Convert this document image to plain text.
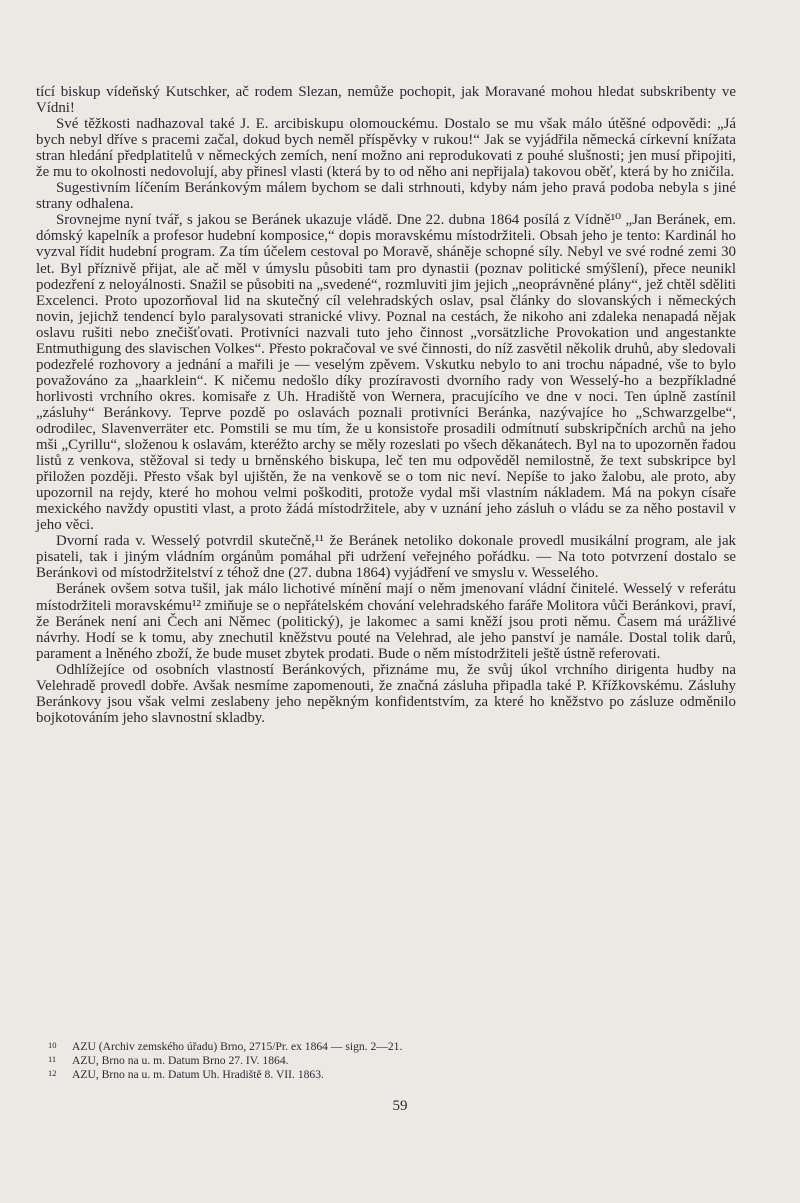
tící biskup vídeňský Kutschker, ač rodem Slezan, nemůže pochopit, jak Moravané mohou hledat subskribenty ve Vídni!

Své těžkosti nadhazoval také J. E. arcibiskupu olomouckému. Dostalo se mu však málo útěšné odpovědi: „Já bych nebyl dříve s pracemi začal, dokud bych neměl příspěvky v rukou!“ Jak se vyjádřila německá církevní knížata stran hledání předplatitelů v německých zemích, není možno ani reprodukovati z pouhé slušnosti; jen musí připojiti, že mu to okolnosti nedovolují, aby přinesl vlasti (která by to od něho ani nepřijala) takovou oběť, která by ho zničila.

Sugestivním líčením Beránkovým málem bychom se dali strhnouti, kdyby nám jeho pravá podoba nebyla s jiné strany odhalena.

Srovnejme nyní tvář, s jakou se Beránek ukazuje vládě. Dne 22. dubna 1864 posílá z Vídně¹⁰ „Jan Beránek, em. dómský kapelník a profesor hudební komposice,“ dopis moravskému místodržiteli. Obsah jeho je tento: Kardinál ho vyzval řídit hudební program. Za tím účelem cestoval po Moravě, sháněje schopné síly. Nebyl ve své rodné zemi 30 let. Byl příznivě přijat, ale ač měl v úmyslu působiti tam pro dynastii (poznav politické smýšlení), přece neunikl podezření z neloyálnosti. Snažil se působiti na „svedené“, rozmluviti jim jejich „neoprávněné plány“, jež chtěl sděliti Excelenci. Proto upozorňoval lid na skutečný cíl velehradských oslav, psal články do slovanských i německých novin, jejichž tendencí bylo paralysovati stranické vlivy. Poznal na cestách, že nikoho ani zdaleka nenapadá nějak oslavu rušiti nebo znečišťovati. Protivníci nazvali tuto jeho činnost „vorsätzliche Provokation und angestankte Entmuthigung des slavischen Volkes“. Přesto pokračoval ve své činnosti, do níž zasvětil několik druhů, aby sledovali podezřelé rozhovory a jednání a mařili je — veselým zpěvem. Vskutku nebylo to ani trochu nápadné, vše to bylo považováno za „haarklein“. K ničemu nedošlo díky prozíravosti dvorního rady von Wesselý-ho a bezpříkladné horlivosti vrchního okres. komisaře z Uh. Hradiště von Wernera, pracujícího ve dne v noci. Ten úplně zastínil „zásluhy“ Beránkovy. Teprve pozdě po oslavách poznali protivníci Beránka, nazývajíce ho „Schwarzgelbe“, odrodilec, Slavenverräter etc. Pomstili se mu tím, že u konsistoře prosadili odmítnutí subskripčních archů na jeho mši „Cyrillu“, složenou k oslavám, kteréžto archy se měly rozeslati po všech děkanátech. Byl na to upozorněn řadou listů z venkova, stěžoval si tedy u brněnského biskupa, leč ten mu odpověděl nemilostně, že text subskripce byl přiložen později. Přesto však byl ujištěn, že na venkově se o tom nic neví. Nepíše to jako žalobu, ale proto, aby upozornil na rejdy, které ho mohou velmi poškoditi, protože vydal mši vlastním nákladem. Má na pokyn císaře mexického navždy opustiti vlast, a proto žádá místodržitele, aby v uznání jeho zásluh o vládu se za něho postavil v jeho věci.

Dvorní rada v. Wesselý potvrdil skutečně,¹¹ že Beránek netoliko dokonale provedl musikální program, ale jak pisateli, tak i jiným vládním orgánům pomáhal při udržení veřejného pořádku. — Na toto potvrzení dostalo se Beránkovi od místodržitelství z téhož dne (27. dubna 1864) vyjádření ve smyslu v. Wesselého.

Beránek ovšem sotva tušil, jak málo lichotivé mínění mají o něm jmenovaní vládní činitelé. Wesselý v referátu místodržiteli moravskému¹² zmiňuje se o nepřátelském chování velehradského faráře Molitora vůči Beránkovi, praví, že Beránek není ani Čech ani Němec (politický), je lakomec a sami kněží jsou proti němu. Časem má urážlivé návrhy. Hodí se k tomu, aby znechutil kněžstvu pouté na Velehrad, ale jeho panství je namále. Dostal tolik darů, parament a lněného zboží, že bude muset zbytek prodati. Bude o něm místodržiteli ještě ústně referovati.

Odhlížejíce od osobních vlastností Beránkových, přiznáme mu, že svůj úkol vrchního dirigenta hudby na Velehradě provedl dobře. Avšak nesmíme zapomenouti, že značná zásluha připadla také P. Křížkovskému. Zásluhy Beránkovy jsou však velmi zeslabeny jeho nepěkným konfidentstvím, za které ho kněžstvo po zásluze odměnilo bojkotováním jeho slavnostní skladby.

10	AZU (Archiv zemského úřadu) Brno, 2715/Pr. ex 1864 — sign. 2—21.
11	AZU, Brno na u. m. Datum Brno 27. IV. 1864.
12	AZU, Brno na u. m. Datum Uh. Hradiště 8. VII. 1863.
59
